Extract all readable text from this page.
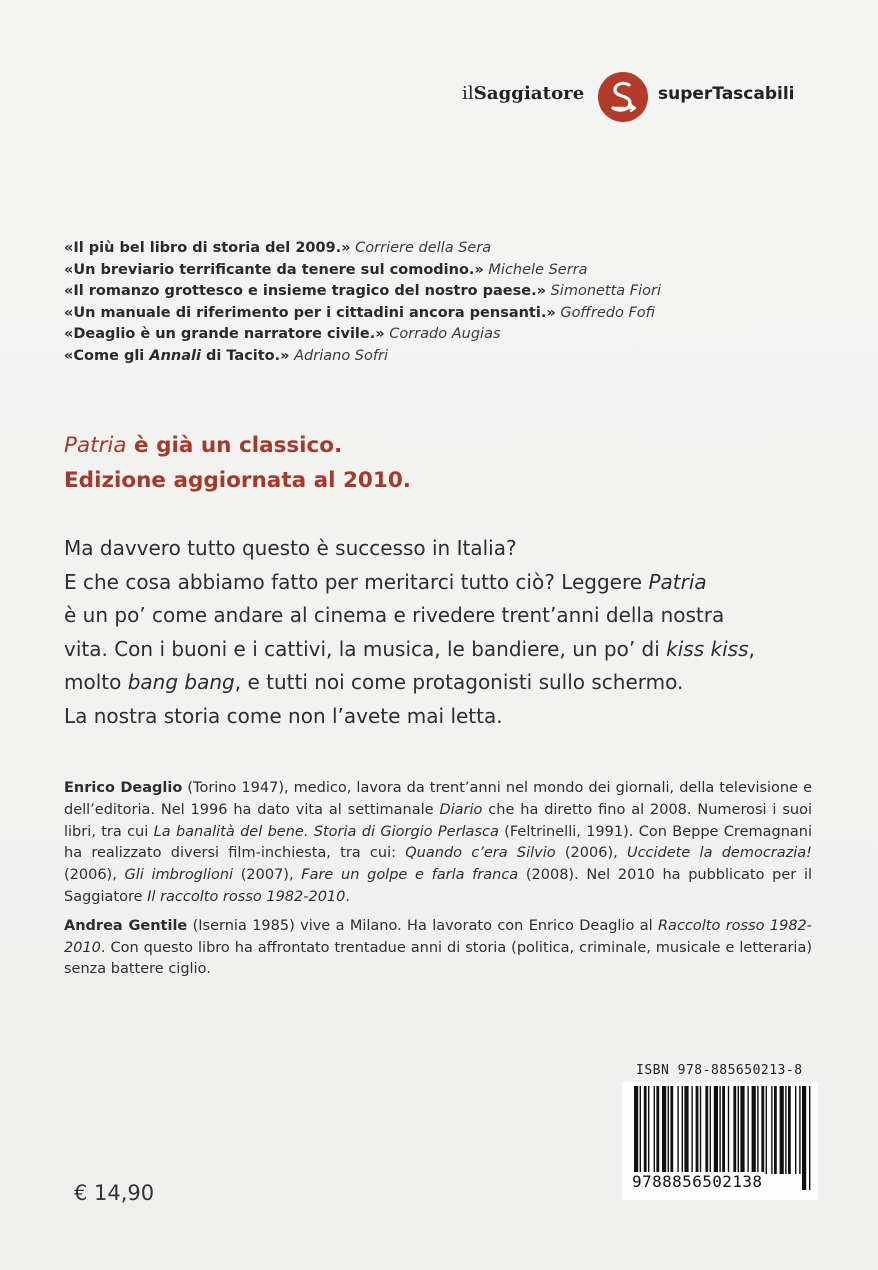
ilSaggiatore	superTascabili
«Il più bel libro di storia del 2009.» Corriere della Sera
«Un breviario terrificante da tenere sul comodino.» Michele Serra
«Il romanzo grottesco e insieme tragico del nostro paese.» Simonetta Fiori
«Un manuale di riferimento per i cittadini ancora pensanti.» Goffredo Fofi
«Deaglio è un grande narratore civile.» Corrado Augias
«Come gli Annali di Tacito.» Adriano Sofri
Patria è già un classico.
Edizione aggiornata al 2010.
Ma davvero tutto questo è successo in Italia?
E che cosa abbiamo fatto per meritarci tutto ciò? Leggere Patria
è un po’ come andare al cinema e rivedere trent’anni della nostra
vita. Con i buoni e i cattivi, la musica, le bandiere, un po’ di kiss kiss,
molto bang bang, e tutti noi come protagonisti sullo schermo.
La nostra storia come non l’avete mai letta.

Enrico Deaglio (Torino 1947), medico, lavora da trent’anni nel mondo dei giornali, della televisione e dell’editoria. Nel 1996 ha dato vita al settimanale Diario che ha diretto fino al 2008. Numerosi i suoi libri, tra cui La banalità del bene. Storia di Giorgio Perlasca (Feltrinelli, 1991). Con Beppe Cremagnani ha realizzato diversi film-inchiesta, tra cui: Quando c’era Silvio (2006), Uccidete la democrazia! (2006), Gli imbroglioni (2007), Fare un golpe e farla franca (2008). Nel 2010 ha pubblicato per il Saggiatore Il raccolto rosso 1982-2010.

Andrea Gentile (Isernia 1985) vive a Milano. Ha lavorato con Enrico Deaglio al Raccolto rosso 1982-2010. Con questo libro ha affrontato trentadue anni di storia (politica, criminale, musicale e letteraria) senza battere ciglio.

ISBN 978-885650213-8
9788856502138
€ 14,90
